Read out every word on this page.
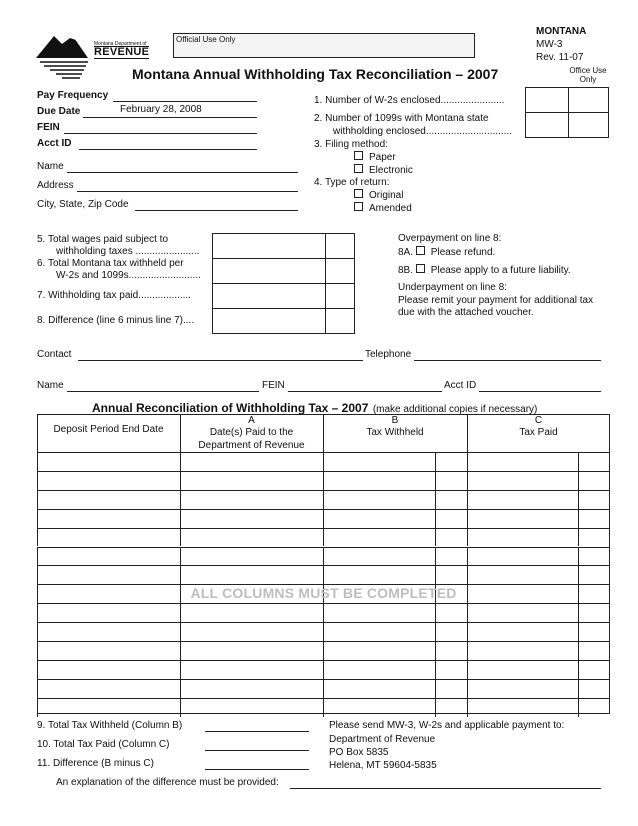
Montana Department of
REVENUE
Official Use Only
MONTANA
MW-3
Rev. 11-07
Office Use Only
Montana Annual Withholding Tax Reconciliation – 2007
Pay Frequency
Due Date	February 28, 2008
FEIN
Acct ID
Name
Address
City, State, Zip Code
1. Number of W-2s enclosed.......................
2. Number of 1099s with Montana state
withholding enclosed...............................
3. Filing method:
Paper
Electronic
4. Type of return:
Original
Amended
5. Total wages paid subject to
withholding taxes .......................
6. Total Montana tax withheld per
W-2s and 1099s..........................
7. Withholding tax paid...................
8. Difference (line 6 minus line 7)....
Overpayment on line 8:
8A. Please refund.
8B. Please apply to a future liability.
Underpayment on line 8:
Please remit your payment for additional tax
due with the attached voucher.
Contact	Telephone
Name	FEIN	Acct ID
Annual Reconciliation of Withholding Tax – 2007 (make additional copies if necessary)
Deposit Period End Date
A
Date(s) Paid to the
Department of Revenue
B
Tax Withheld
C
Tax Paid
ALL COLUMNS MUST BE COMPLETED
9. Total Tax Withheld (Column B)
10. Total Tax Paid (Column C)
11. Difference (B minus C)
Please send MW-3, W-2s and applicable payment to:
Department of Revenue
PO Box 5835
Helena, MT 59604-5835
An explanation of the difference must be provided:
